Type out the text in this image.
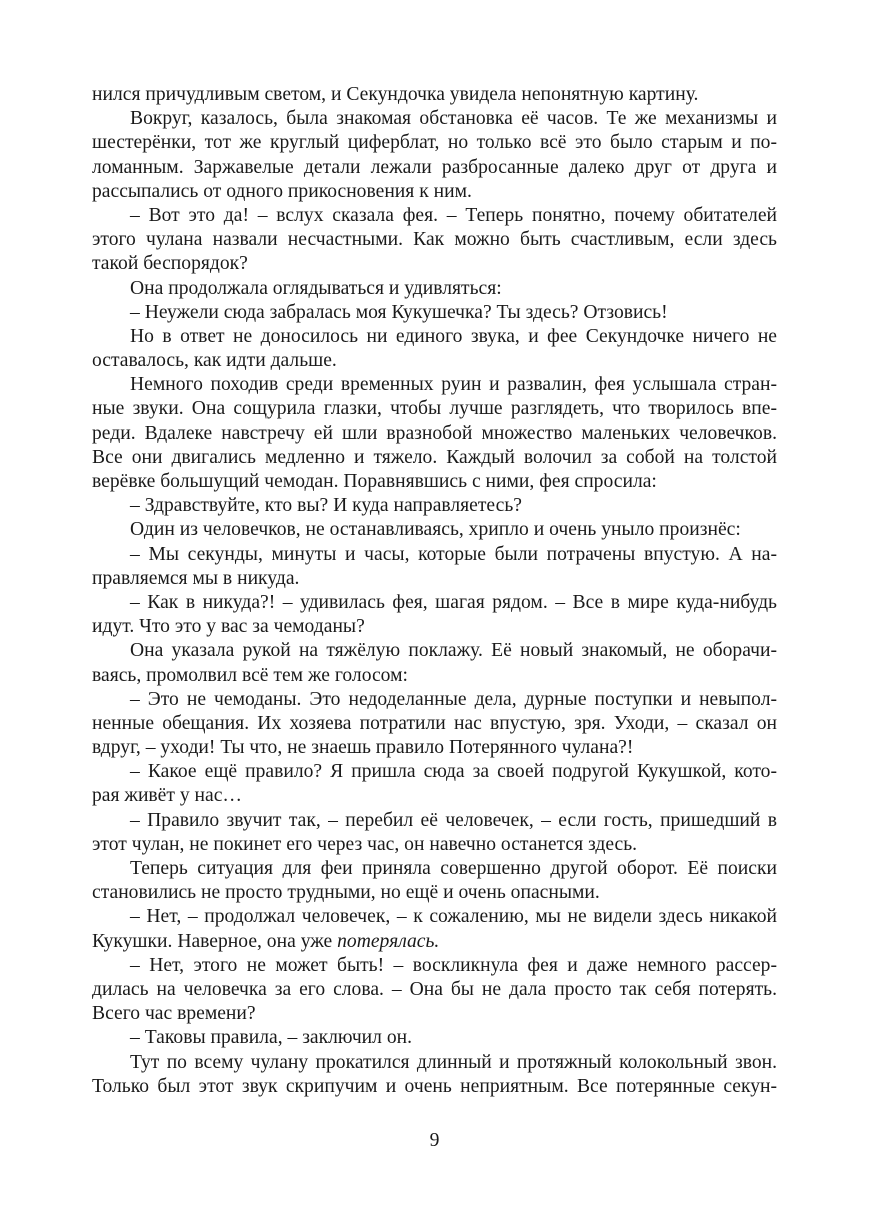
нился причудливым светом, и Секундочка увидела непонятную картину.
Вокруг, казалось, была знакомая обстановка её часов. Те же механизмы и
шестерёнки, тот же круглый циферблат, но только всё это было старым и по-
ломанным. Заржавелые детали лежали разбросанные далеко друг от друга и
рассыпались от одного прикосновения к ним.
– Вот это да! – вслух сказала фея. – Теперь понятно, почему обитателей
этого чулана назвали несчастными. Как можно быть счастливым, если здесь
такой беспорядок?
Она продолжала оглядываться и удивляться:
– Неужели сюда забралась моя Кукушечка? Ты здесь? Отзовись!
Но в ответ не доносилось ни единого звука, и фее Секундочке ничего не
оставалось, как идти дальше.
Немного походив среди временных руин и развалин, фея услышала стран-
ные звуки. Она сощурила глазки, чтобы лучше разглядеть, что творилось впе-
реди. Вдалеке навстречу ей шли вразнобой множество маленьких человечков.
Все они двигались медленно и тяжело. Каждый волочил за собой на толстой
верёвке большущий чемодан. Поравнявшись с ними, фея спросила:
– Здравствуйте, кто вы? И куда направляетесь?
Один из человечков, не останавливаясь, хрипло и очень уныло произнёс:
– Мы секунды, минуты и часы, которые были потрачены впустую. А на-
правляемся мы в никуда.
– Как в никуда?! – удивилась фея, шагая рядом. – Все в мире куда-нибудь
идут. Что это у вас за чемоданы?
Она указала рукой на тяжёлую поклажу. Её новый знакомый, не оборачи-
ваясь, промолвил всё тем же голосом:
– Это не чемоданы. Это недоделанные дела, дурные поступки и невыпол-
ненные обещания. Их хозяева потратили нас впустую, зря. Уходи, – сказал он
вдруг, – уходи! Ты что, не знаешь правило Потерянного чулана?!
– Какое ещё правило? Я пришла сюда за своей подругой Кукушкой, кото-
рая живёт у нас…
– Правило звучит так, – перебил её человечек, – если гость, пришедший в
этот чулан, не покинет его через час, он навечно останется здесь.
Теперь ситуация для феи приняла совершенно другой оборот. Её поиски
становились не просто трудными, но ещё и очень опасными.
– Нет, – продолжал человечек, – к сожалению, мы не видели здесь никакой
Кукушки. Наверное, она уже потерялась.
– Нет, этого не может быть! – воскликнула фея и даже немного рассер-
дилась на человечка за его слова. – Она бы не дала просто так себя потерять.
Всего час времени?
– Таковы правила, – заключил он.
Тут по всему чулану прокатился длинный и протяжный колокольный звон.
Только был этот звук скрипучим и очень неприятным. Все потерянные секун-
9
